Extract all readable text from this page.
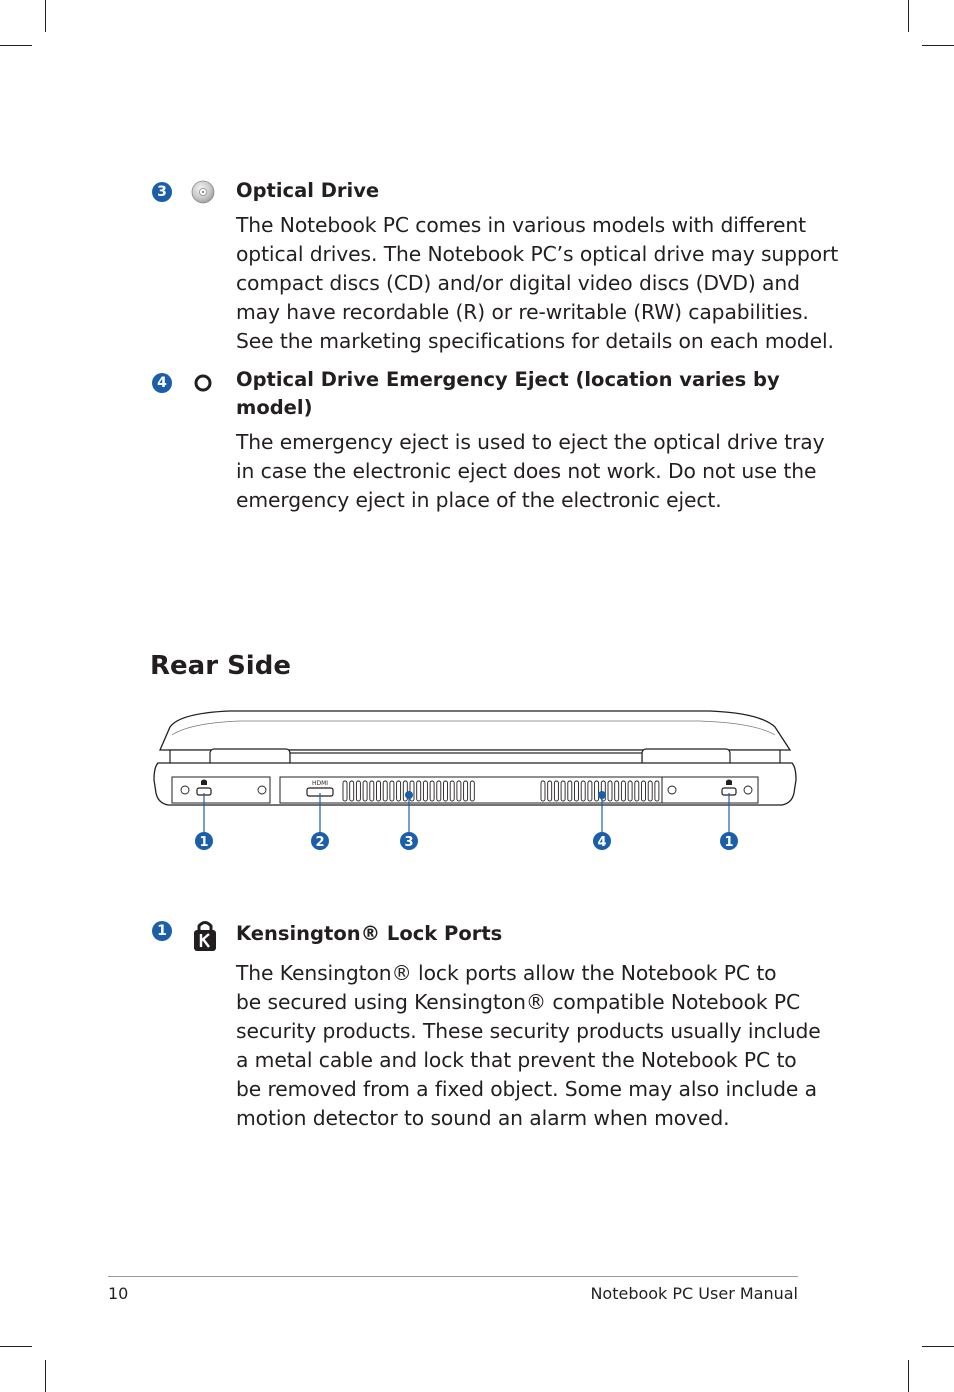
3	Optical Drive
The Notebook PC comes in various models with different
optical drives. The Notebook PC’s optical drive may support
compact discs (CD) and/or digital video discs (DVD) and
may have recordable (R) or re-writable (RW) capabilities.
See the marketing specifications for details on each model.
4	Optical Drive Emergency Eject (location varies by
model)
The emergency eject is used to eject the optical drive tray
in case the electronic eject does not work. Do not use the
emergency eject in place of the electronic eject.
Rear Side
HDMI
1	2	3	4	1
1	Kensington® Lock Ports
The Kensington® lock ports allow the Notebook PC to
be secured using Kensington® compatible Notebook PC
security products. These security products usually include
a metal cable and lock that prevent the Notebook PC to
be removed from a fixed object. Some may also include a
motion detector to sound an alarm when moved.
10	Notebook PC User Manual
